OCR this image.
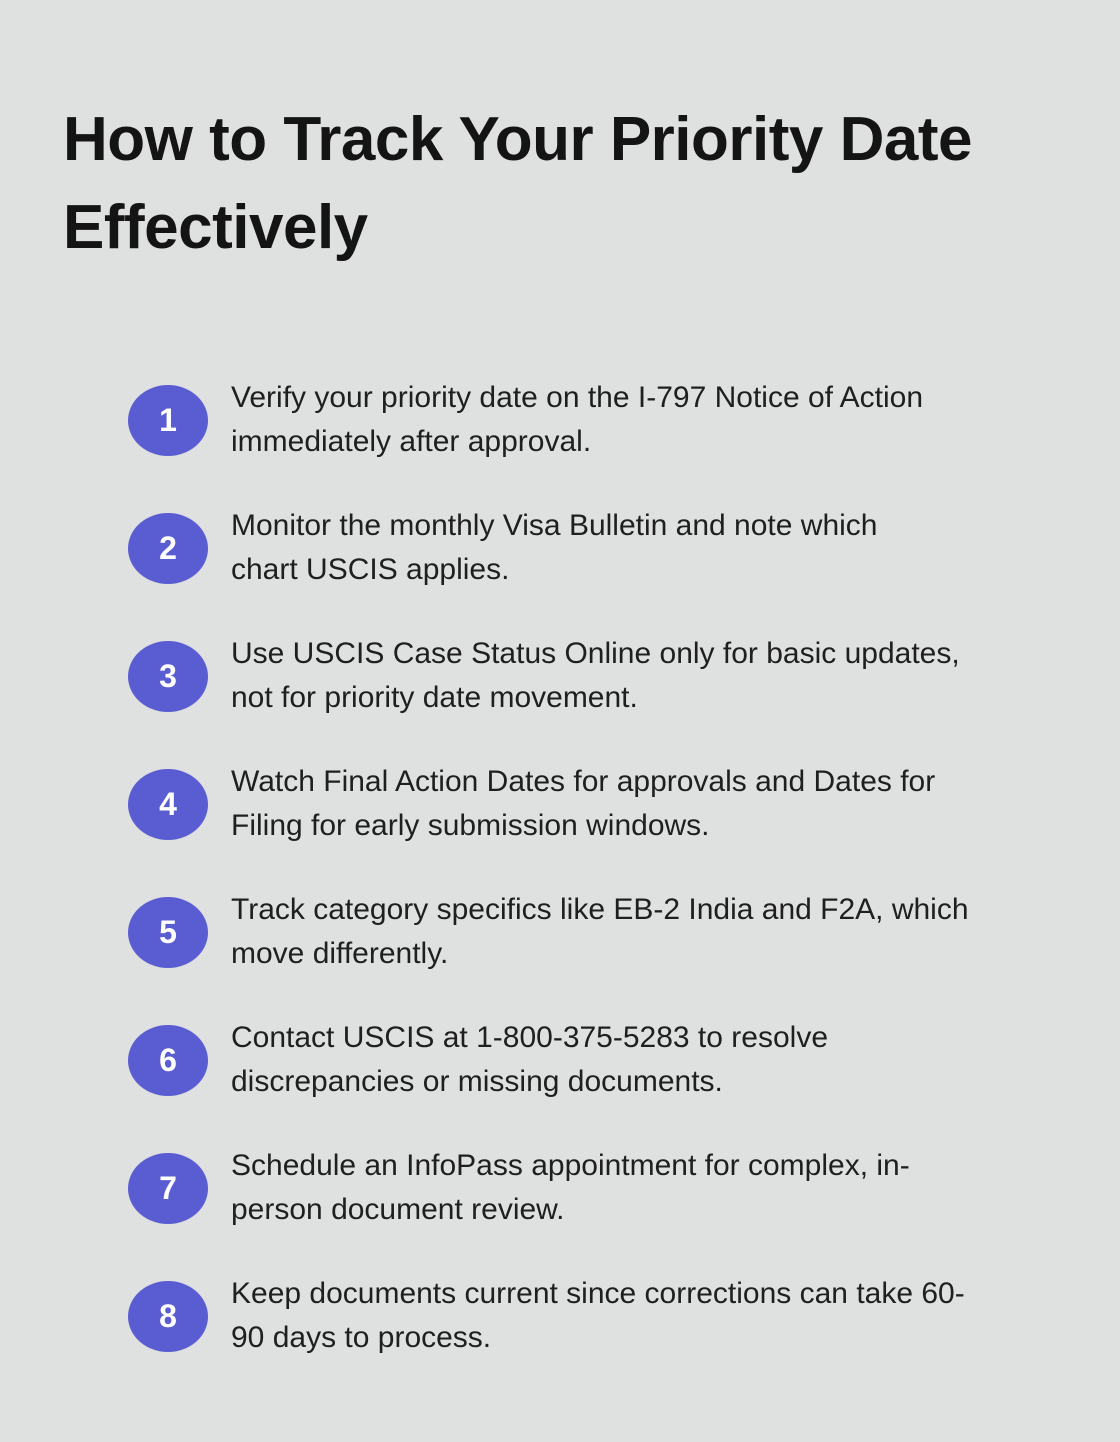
How to Track Your Priority Date Effectively
1
Verify your priority date on the I-797 Notice of Action
immediately after approval.
2
Monitor the monthly Visa Bulletin and note which
chart USCIS applies.
3
Use USCIS Case Status Online only for basic updates,
not for priority date movement.
4
Watch Final Action Dates for approvals and Dates for
Filing for early submission windows.
5
Track category specifics like EB-2 India and F2A, which
move differently.
6
Contact USCIS at 1-800-375-5283 to resolve
discrepancies or missing documents.
7
Schedule an InfoPass appointment for complex, in-
person document review.
8
Keep documents current since corrections can take 60-
90 days to process.
